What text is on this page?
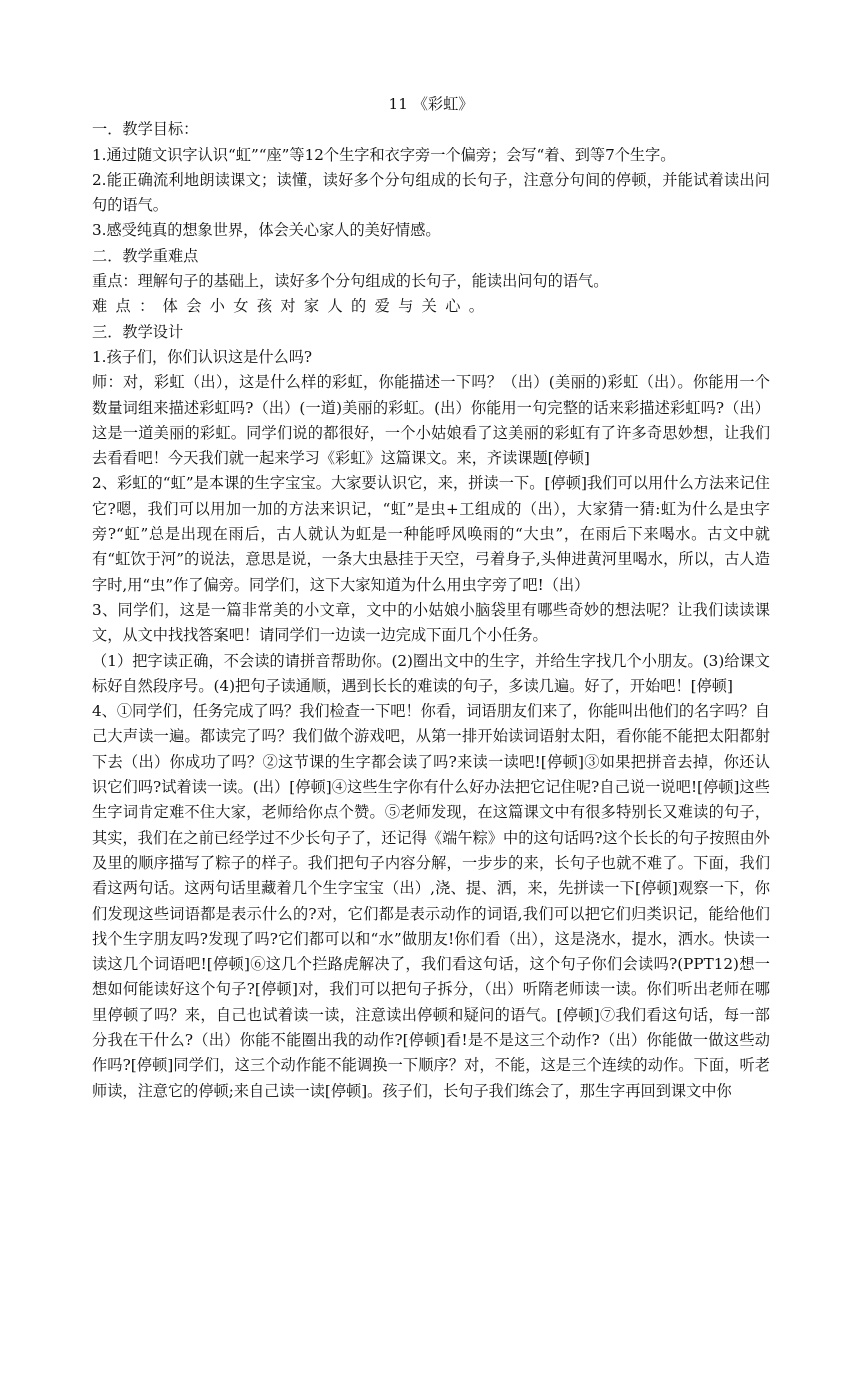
11 《彩虹》

一．教学目标：

1.通过随文识字认识“虹”“座”等12个生字和衣字旁一个偏旁；会写“着、到等7个生字。

2.能正确流利地朗读课文；读懂，读好多个分句组成的长句子，注意分句间的停顿，并能试着读出问句的语气。

3.感受纯真的想象世界，体会关心家人的美好情感。

二．教学重难点

重点：理解句子的基础上，读好多个分句组成的长句子，能读出问句的语气。

难点：体会小女孩对家人的爱与关心。

三．教学设计

1.孩子们，你们认识这是什么吗?

师：对，彩虹（出），这是什么样的彩虹，你能描述一下吗？（出）(美丽的)彩虹（出）。你能用一个数量词组来描述彩虹吗?（出）(一道)美丽的彩虹。(出）你能用一句完整的话来彩描述彩虹吗?（出）这是一道美丽的彩虹。同学们说的都很好，一个小姑娘看了这美丽的彩虹有了许多奇思妙想，让我们去看看吧！今天我们就一起来学习《彩虹》这篇课文。来，齐读课题[停顿]

2、彩虹的“虹”是本课的生字宝宝。大家要认识它，来，拼读一下。[停顿]我们可以用什么方法来记住它?嗯，我们可以用加一加的方法来识记，“虹”是虫+工组成的（出），大家猜一猜:虹为什么是虫字旁?“虹”总是出现在雨后，古人就认为虹是一种能呼风唤雨的“大虫”，在雨后下来喝水。古文中就有“虹饮于河”的说法，意思是说，一条大虫悬挂于天空，弓着身子,头伸进黄河里喝水，所以，古人造字时,用“虫”作了偏旁。同学们，这下大家知道为什么用虫字旁了吧!（出）

3、同学们，这是一篇非常美的小文章，文中的小姑娘小脑袋里有哪些奇妙的想法呢？让我们读读课文，从文中找找答案吧！请同学们一边读一边完成下面几个小任务。

（1）把字读正确，不会读的请拼音帮助你。(2)圈出文中的生字，并给生字找几个小朋友。(3)给课文标好自然段序号。(4)把句子读通顺，遇到长长的难读的句子，多读几遍。好了，开始吧！[停顿]

4、①同学们，任务完成了吗？我们检查一下吧！你看，词语朋友们来了，你能叫出他们的名字吗？自己大声读一遍。都读完了吗？我们做个游戏吧，从第一排开始读词语射太阳，看你能不能把太阳都射下去（出）你成功了吗？②这节课的生字都会读了吗?来读一读吧![停顿]③如果把拼音去掉，你还认识它们吗?试着读一读。(出）[停顿]④这些生字你有什么好办法把它记住呢?自己说一说吧![停顿]这些生字词肯定难不住大家，老师给你点个赞。⑤老师发现，在这篇课文中有很多特别长又难读的句子，其实，我们在之前已经学过不少长句子了，还记得《端午粽》中的这句话吗?这个长长的句子按照由外及里的顺序描写了粽子的样子。我们把句子内容分解，一步步的来，长句子也就不难了。下面，我们看这两句话。这两句话里藏着几个生字宝宝（出）,浇、提、洒，来，先拼读一下[停顿]观察一下，你们发现这些词语都是表示什么的?对，它们都是表示动作的词语,我们可以把它们归类识记，能给他们找个生字朋友吗?发现了吗?它们都可以和“水”做朋友!你们看（出），这是浇水，提水，洒水。快读一读这几个词语吧![停顿]⑥这几个拦路虎解决了，我们看这句话，这个句子你们会读吗?(PPT12)想一想如何能读好这个句子?[停顿]对，我们可以把句子拆分，（出）听隋老师读一读。你们听出老师在哪里停顿了吗？来，自己也试着读一读，注意读出停顿和疑问的语气。[停顿]⑦我们看这句话，每一部分我在干什么?（出）你能不能圈出我的动作?[停顿]看!是不是这三个动作?（出）你能做一做这些动作吗?[停顿]同学们，这三个动作能不能调换一下顺序？对，不能，这是三个连续的动作。下面，听老师读，注意它的停顿;来自己读一读[停顿]。孩子们，长句子我们练会了，那生字再回到课文中你
